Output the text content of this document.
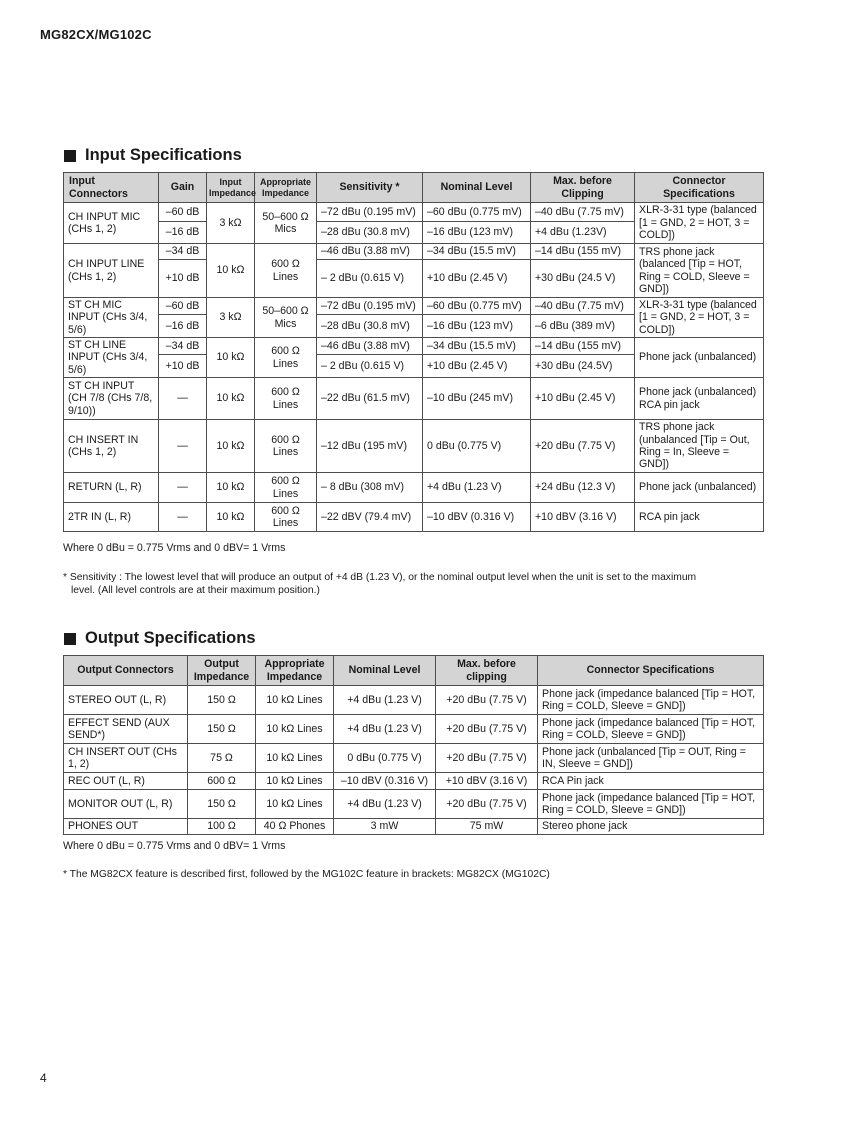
MG82CX/MG102C
Input Specifications
Input Connectors	Gain	Input Impedance	Appropriate Impedance	Sensitivity *	Nominal Level	Max. before Clipping	Connector Specifications
CH INPUT MIC (CHs 1, 2)	–60 dB	3 kΩ	50–600 Ω Mics	–72 dBu (0.195 mV)	–60 dBu (0.775 mV)	–40 dBu (7.75 mV)	XLR-3-31 type (balanced [1 = GND, 2 = HOT, 3 = COLD])
	–16 dB			–28 dBu (30.8 mV)	–16 dBu (123 mV)	+4 dBu (1.23V)	
CH INPUT LINE (CHs 1, 2)	–34 dB	10 kΩ	600 Ω Lines	–46 dBu (3.88 mV)	–34 dBu (15.5 mV)	–14 dBu (155 mV)	TRS phone jack (balanced [Tip = HOT, Ring = COLD, Sleeve = GND])
	+10 dB			– 2 dBu (0.615 V)	+10 dBu (2.45 V)	+30 dBu (24.5 V)	
ST CH MIC INPUT (CHs 3/4, 5/6)	–60 dB	3 kΩ	50–600 Ω Mics	–72 dBu (0.195 mV)	–60 dBu (0.775 mV)	–40 dBu (7.75 mV)	XLR-3-31 type (balanced [1 = GND, 2 = HOT, 3 = COLD])
	–16 dB			–28 dBu (30.8 mV)	–16 dBu (123 mV)	–6 dBu (389 mV)	
ST CH LINE INPUT (CHs 3/4, 5/6)	–34 dB	10 kΩ	600 Ω Lines	–46 dBu (3.88 mV)	–34 dBu (15.5 mV)	–14 dBu (155 mV)	Phone jack (unbalanced)
	+10 dB			– 2 dBu (0.615 V)	+10 dBu (2.45 V)	+30 dBu (24.5V)	
ST CH INPUT (CH 7/8 (CHs 7/8, 9/10))	—	10 kΩ	600 Ω Lines	–22 dBu (61.5 mV)	–10 dBu (245 mV)	+10 dBu (2.45 V)	Phone jack (unbalanced) RCA pin jack
CH INSERT IN (CHs 1, 2)	—	10 kΩ	600 Ω Lines	–12 dBu (195 mV)	0 dBu (0.775 V)	+20 dBu (7.75 V)	TRS phone jack (unbalanced [Tip = Out, Ring = In, Sleeve = GND])
RETURN (L, R)	—	10 kΩ	600 Ω Lines	– 8 dBu (308 mV)	+4 dBu (1.23 V)	+24 dBu (12.3 V)	Phone jack (unbalanced)
2TR IN (L, R)	—	10 kΩ	600 Ω Lines	–22 dBV (79.4 mV)	–10 dBV (0.316 V)	+10 dBV (3.16 V)	RCA pin jack
Where 0 dBu = 0.775 Vrms and 0 dBV= 1 Vrms
* Sensitivity : The lowest level that will produce an output of +4 dB (1.23 V), or the nominal output level when the unit is set to the maximum
level. (All level controls are at their maximum position.)
Output Specifications
Output Connectors	Output Impedance	Appropriate Impedance	Nominal Level	Max. before clipping	Connector Specifications
STEREO OUT (L, R)	150 Ω	10 kΩ Lines	+4 dBu (1.23 V)	+20 dBu (7.75 V)	Phone jack (impedance balanced [Tip = HOT, Ring = COLD, Sleeve = GND])
EFFECT SEND (AUX SEND*)	150 Ω	10 kΩ Lines	+4 dBu (1.23 V)	+20 dBu (7.75 V)	Phone jack (impedance balanced [Tip = HOT, Ring = COLD, Sleeve = GND])
CH INSERT OUT (CHs 1, 2)	75 Ω	10 kΩ Lines	0 dBu (0.775 V)	+20 dBu (7.75 V)	Phone jack (unbalanced [Tip = OUT, Ring = IN, Sleeve = GND])
REC OUT (L, R)	600 Ω	10 kΩ Lines	–10 dBV (0.316 V)	+10 dBV (3.16 V)	RCA Pin jack
MONITOR OUT (L, R)	150 Ω	10 kΩ Lines	+4 dBu (1.23 V)	+20 dBu (7.75 V)	Phone jack (impedance balanced [Tip = HOT, Ring = COLD, Sleeve = GND])
PHONES OUT	100 Ω	40 Ω Phones	3 mW	75 mW	Stereo phone jack
Where 0 dBu = 0.775 Vrms and 0 dBV= 1 Vrms
* The MG82CX feature is described first, followed by the MG102C feature in brackets: MG82CX (MG102C)
4
